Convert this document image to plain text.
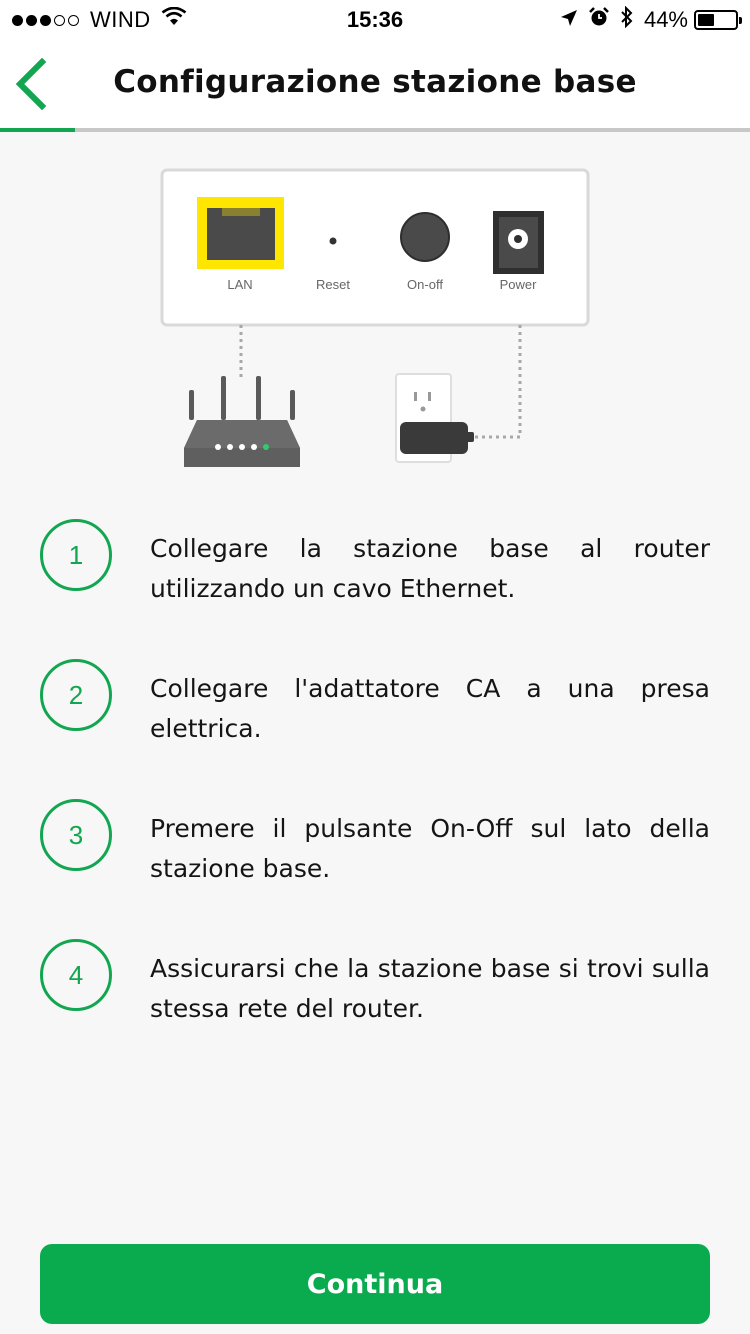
WIND	15:36	44%
Configurazione stazione base
LAN	Reset	On-off	Power
1	Collegare la stazione base al router utilizzando un cavo Ethernet.
2	Collegare l'adattatore CA a una presa elettrica.
3	Premere il pulsante On-Off sul lato della stazione base.
4	Assicurarsi che la stazione base si trovi sulla stessa rete del router.
Continua
